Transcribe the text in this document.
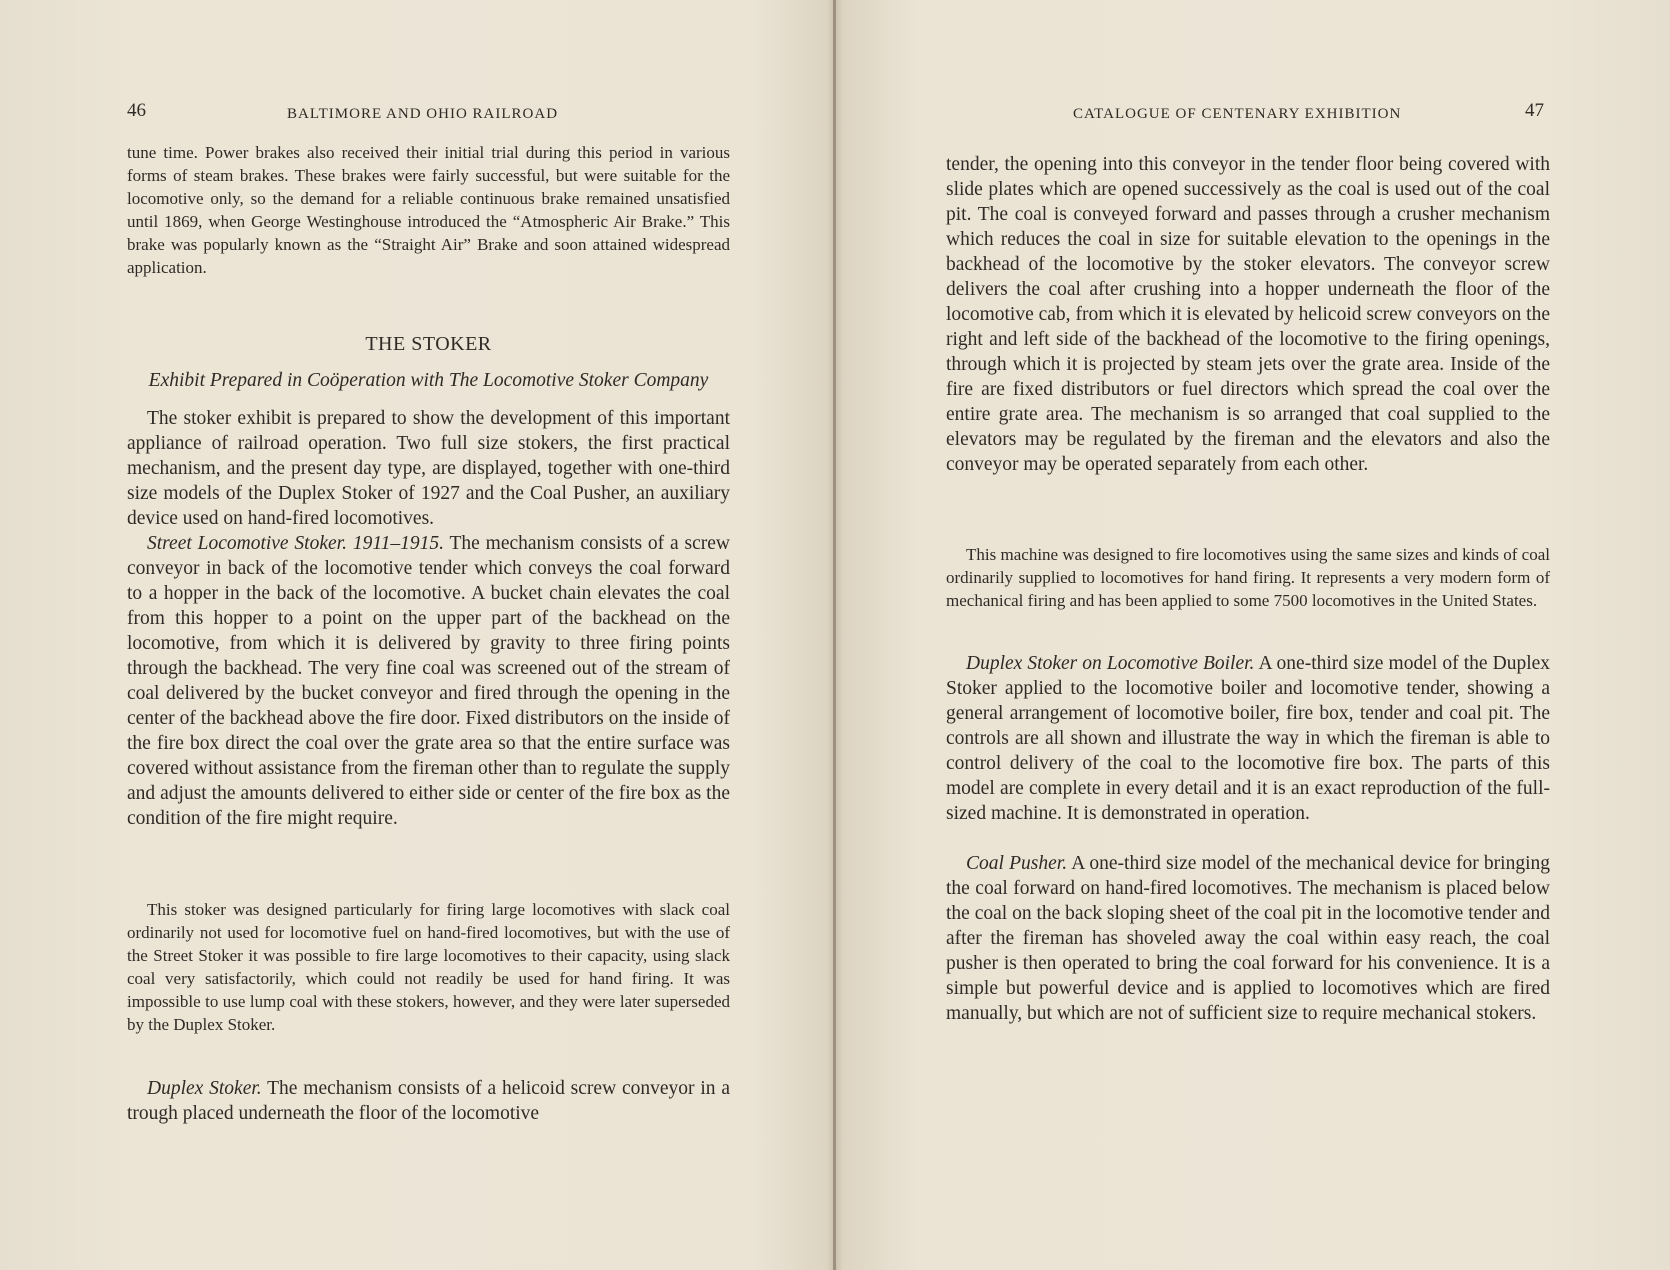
46	BALTIMORE AND OHIO RAILROAD

tune time. Power brakes also received their initial trial during this period in various forms of steam brakes. These brakes were fairly successful, but were suitable for the locomotive only, so the demand for a reliable continuous brake remained unsatisfied until 1869, when George Westinghouse introduced the “Atmospheric Air Brake.” This brake was popularly known as the “Straight Air” Brake and soon attained widespread application.

THE STOKER
Exhibit Prepared in Coöperation with The Locomotive Stoker Company

The stoker exhibit is prepared to show the development of this important appliance of railroad operation. Two full size stokers, the first practical mechanism, and the present day type, are displayed, together with one-third size models of the Duplex Stoker of 1927 and the Coal Pusher, an auxiliary device used on hand-fired locomotives.

Street Locomotive Stoker. 1911–1915. The mechanism consists of a screw conveyor in back of the locomotive tender which conveys the coal forward to a hopper in the back of the locomotive. A bucket chain elevates the coal from this hopper to a point on the upper part of the backhead on the locomotive, from which it is delivered by gravity to three firing points through the backhead. The very fine coal was screened out of the stream of coal delivered by the bucket conveyor and fired through the opening in the center of the backhead above the fire door. Fixed distributors on the inside of the fire box direct the coal over the grate area so that the entire surface was covered without assistance from the fireman other than to regulate the supply and adjust the amounts delivered to either side or center of the fire box as the condition of the fire might require.

This stoker was designed particularly for firing large locomotives with slack coal ordinarily not used for locomotive fuel on hand-fired locomotives, but with the use of the Street Stoker it was possible to fire large locomotives to their capacity, using slack coal very satisfactorily, which could not readily be used for hand firing. It was impossible to use lump coal with these stokers, however, and they were later superseded by the Duplex Stoker.

Duplex Stoker. The mechanism consists of a helicoid screw conveyor in a trough placed underneath the floor of the locomotive

CATALOGUE OF CENTENARY EXHIBITION	47

tender, the opening into this conveyor in the tender floor being covered with slide plates which are opened successively as the coal is used out of the coal pit. The coal is conveyed forward and passes through a crusher mechanism which reduces the coal in size for suitable elevation to the openings in the backhead of the locomotive by the stoker elevators. The conveyor screw delivers the coal after crushing into a hopper underneath the floor of the locomotive cab, from which it is elevated by helicoid screw conveyors on the right and left side of the backhead of the locomotive to the firing openings, through which it is projected by steam jets over the grate area. Inside of the fire are fixed distributors or fuel directors which spread the coal over the entire grate area. The mechanism is so arranged that coal supplied to the elevators may be regulated by the fireman and the elevators and also the conveyor may be operated separately from each other.

This machine was designed to fire locomotives using the same sizes and kinds of coal ordinarily supplied to locomotives for hand firing. It represents a very modern form of mechanical firing and has been applied to some 7500 locomotives in the United States.

Duplex Stoker on Locomotive Boiler. A one-third size model of the Duplex Stoker applied to the locomotive boiler and locomotive tender, showing a general arrangement of locomotive boiler, fire box, tender and coal pit. The controls are all shown and illustrate the way in which the fireman is able to control delivery of the coal to the locomotive fire box. The parts of this model are complete in every detail and it is an exact reproduction of the full-sized machine. It is demonstrated in operation.

Coal Pusher. A one-third size model of the mechanical device for bringing the coal forward on hand-fired locomotives. The mechanism is placed below the coal on the back sloping sheet of the coal pit in the locomotive tender and after the fireman has shoveled away the coal within easy reach, the coal pusher is then operated to bring the coal forward for his convenience. It is a simple but powerful device and is applied to locomotives which are fired manually, but which are not of sufficient size to require mechanical stokers.
